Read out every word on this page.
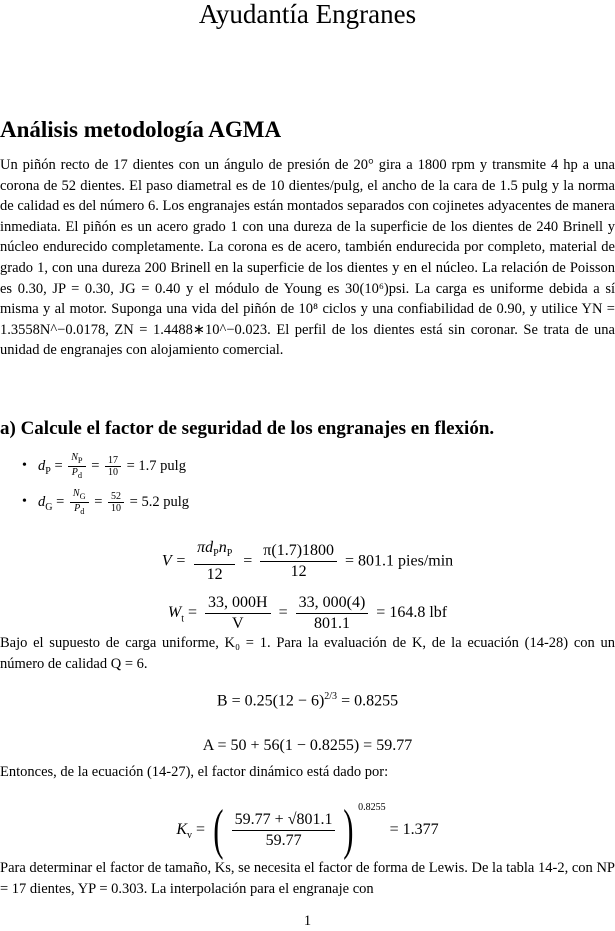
Ayudantía Engranes
Análisis metodología AGMA

Un piñón recto de 17 dientes con un ángulo de presión de 20° gira a 1800 rpm y transmite 4 hp a una corona de 52 dientes. El paso diametral es de 10 dientes/pulg, el ancho de la cara de 1.5 pulg y la norma de calidad es del número 6. Los engranajes están montados separados con cojinetes adyacentes de manera inmediata. El piñón es un acero grado 1 con una dureza de la superficie de los dientes de 240 Brinell y núcleo endurecido completamente. La corona es de acero, también endurecida por completo, material de grado 1, con una dureza 200 Brinell en la superficie de los dientes y en el núcleo. La relación de Poisson es 0.30, JP = 0.30, JG = 0.40 y el módulo de Young es 30(10⁶)psi. La carga es uniforme debida a sí misma y al motor. Suponga una vida del piñón de 10⁸ ciclos y una confiabilidad de 0.90, y utilice YN = 1.3558N^−0.0178, ZN = 1.4488∗10^−0.023. El perfil de los dientes está sin coronar. Se trata de una unidad de engranajes con alojamiento comercial.

a) Calcule el factor de seguridad de los engranajes en flexión.
• $d_P = \frac{N_P}{P_d} = \frac{17}{10} = 1.7$ pulg
• $d_G = \frac{N_G}{P_d} = \frac{52}{10} = 5.2$ pulg
$V = \frac{\pi d_Pn_P}{12} = \frac{\pi(1.7)1800}{12} = 801.1$ pies/min
$W_t = \frac{33, 000H}{V} = \frac{33, 000(4)}{801.1} = 164.8$ lbf

Bajo el supuesto de carga uniforme, K₀ = 1. Para la evaluación de K, de la ecuación (14-28) con un número de calidad Q = 6.

$B = 0.25(12 - 6)^{2/3} = 0.8255$
A = 50 + 56(1 − 0.8255) = 59.77

Entonces, de la ecuación (14-27), el factor dinámico está dado por:

$K_v$ = ( $\frac{59.77 + √801.1}{59.77}$ ) $^{0.8255}$ = 1.377

Para determinar el factor de tamaño, Ks, se necesita el factor de forma de Lewis. De la tabla 14-2, con NP = 17 dientes, YP = 0.303. La interpolación para el engranaje con

1
